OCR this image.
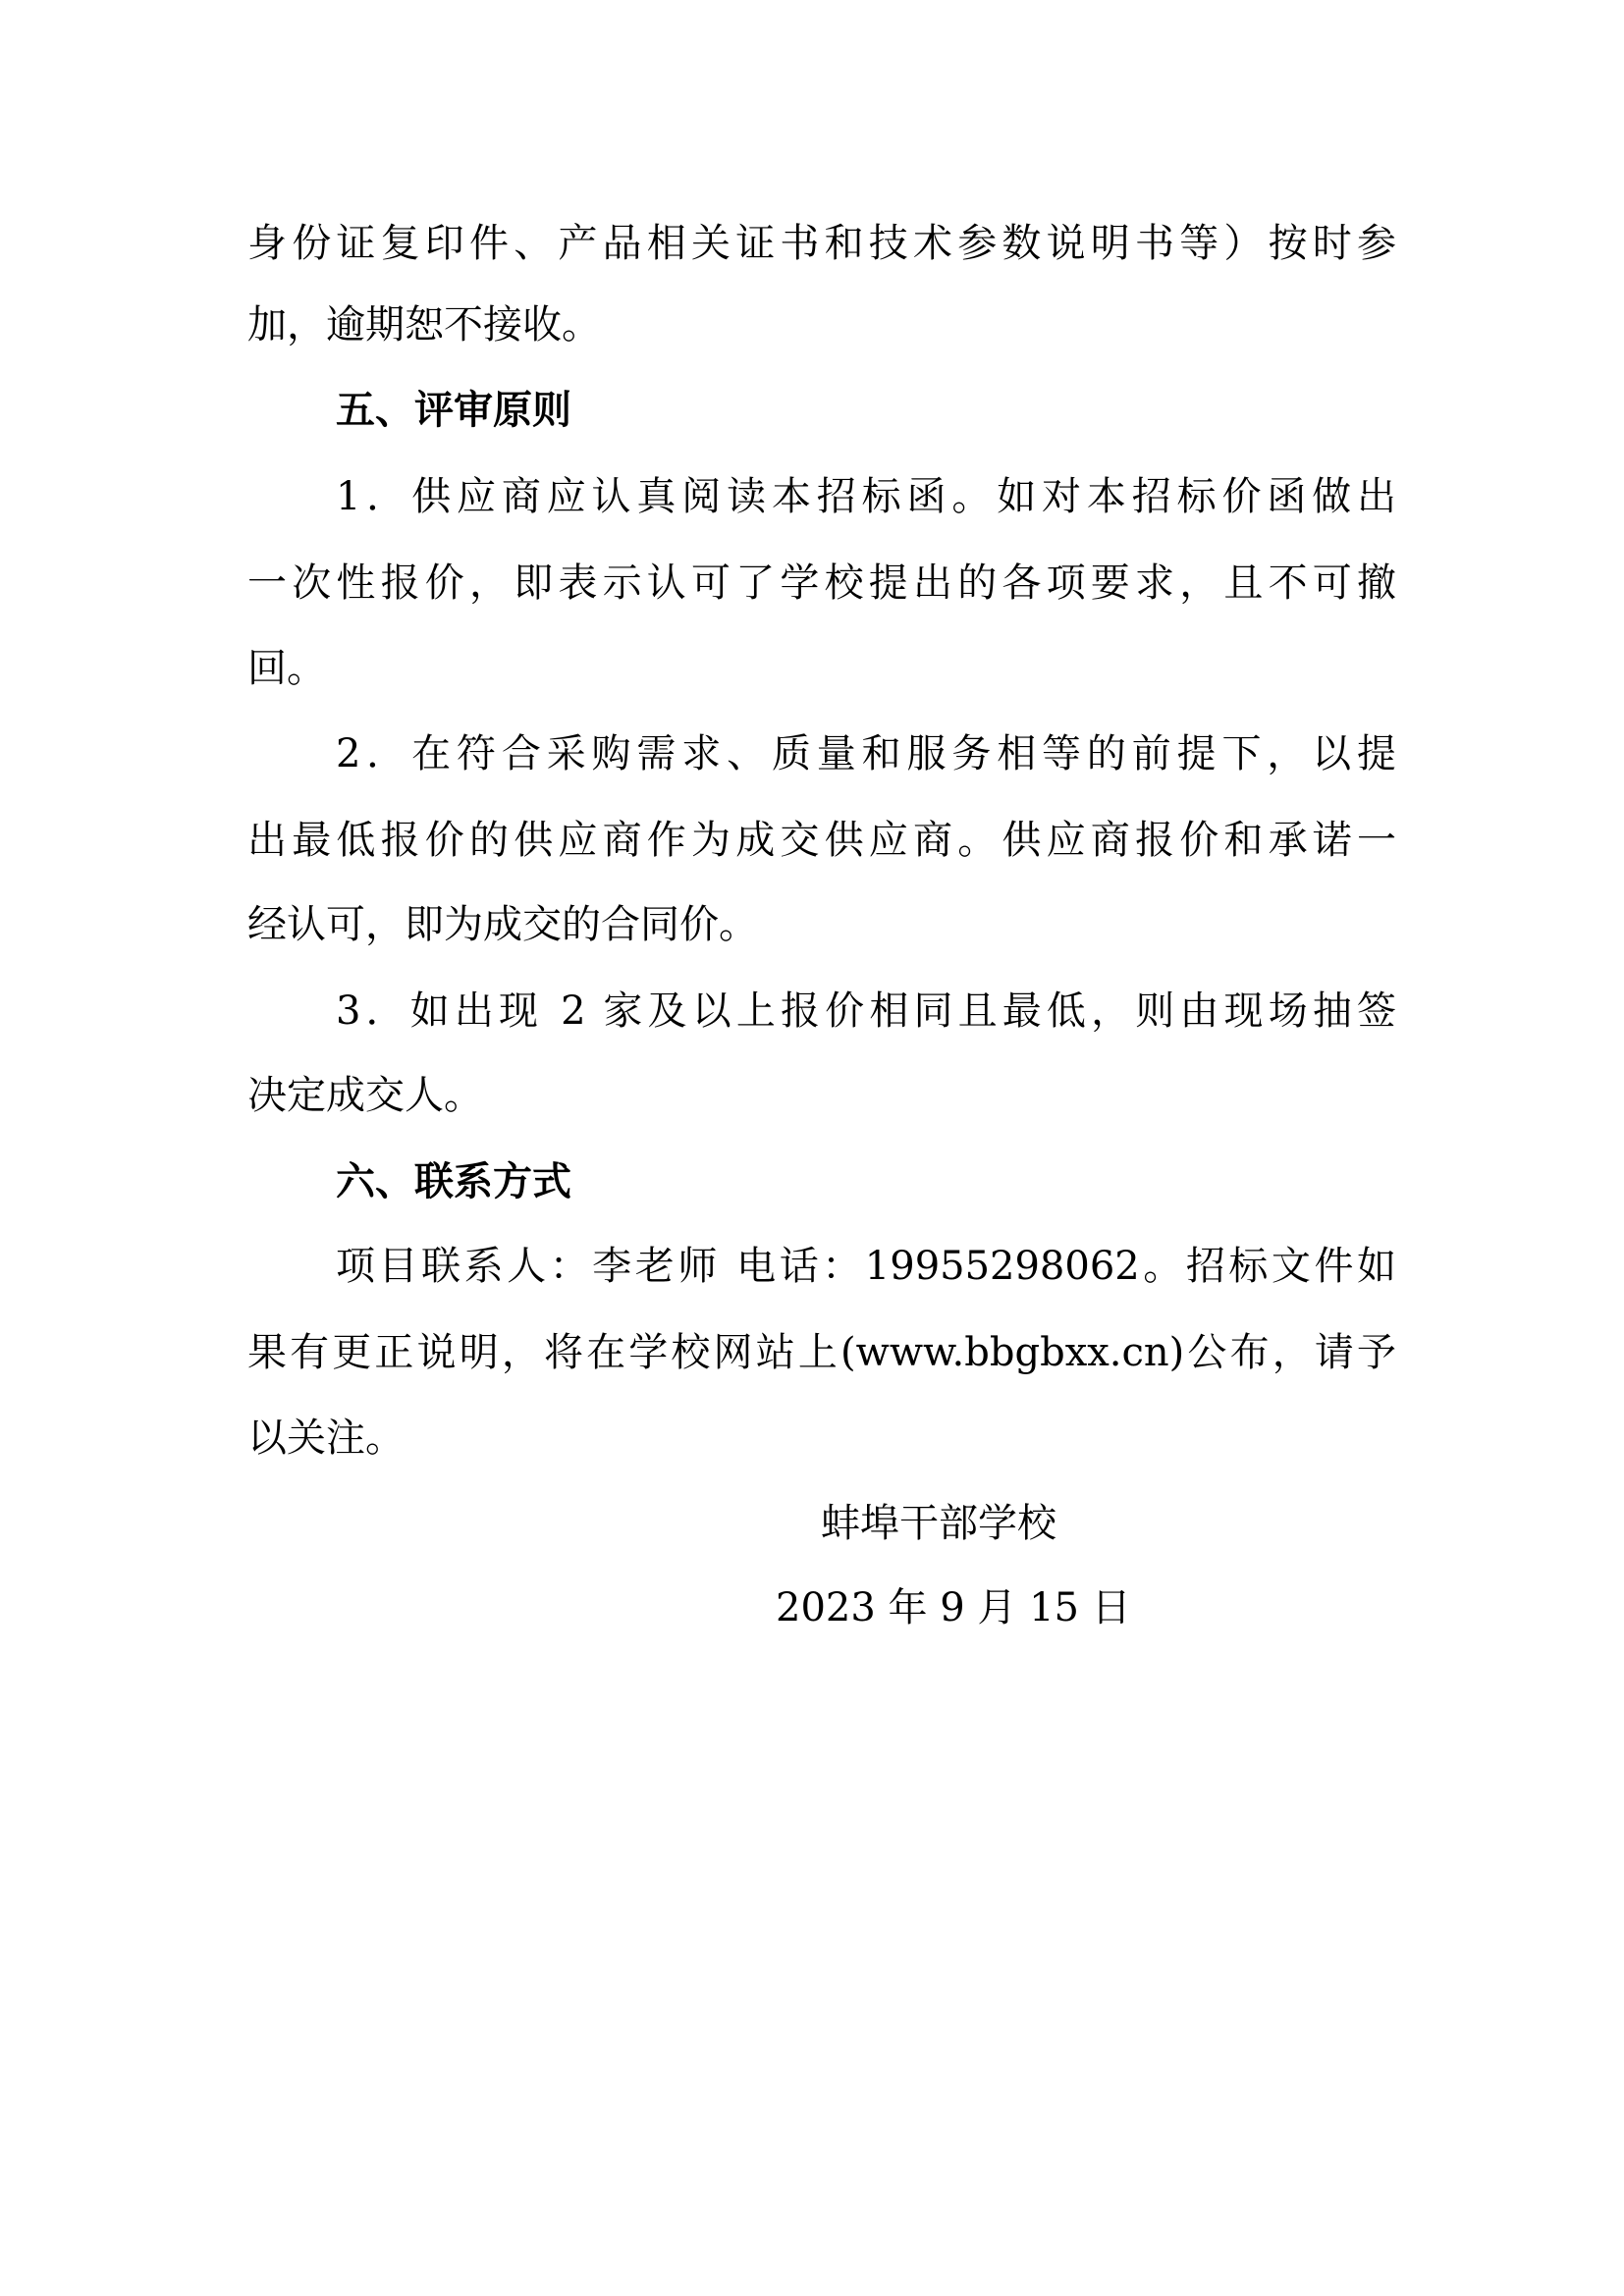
身份证复印件、产品相关证书和技术参数说明书等）按时参
加，逾期恕不接收。
五、评审原则
1．供应商应认真阅读本招标函。如对本招标价函做出
一次性报价，即表示认可了学校提出的各项要求，且不可撤
回。
2．在符合采购需求、质量和服务相等的前提下，以提
出最低报价的供应商作为成交供应商。供应商报价和承诺一
经认可，即为成交的合同价。
3．如出现 2 家及以上报价相同且最低，则由现场抽签
决定成交人。
六、联系方式
项目联系人：李老师 电话：19955298062。招标文件如
果有更正说明，将在学校网站上(www.bbgbxx.cn)公布，请予
以关注。
蚌埠干部学校
2023 年 9 月 15 日
